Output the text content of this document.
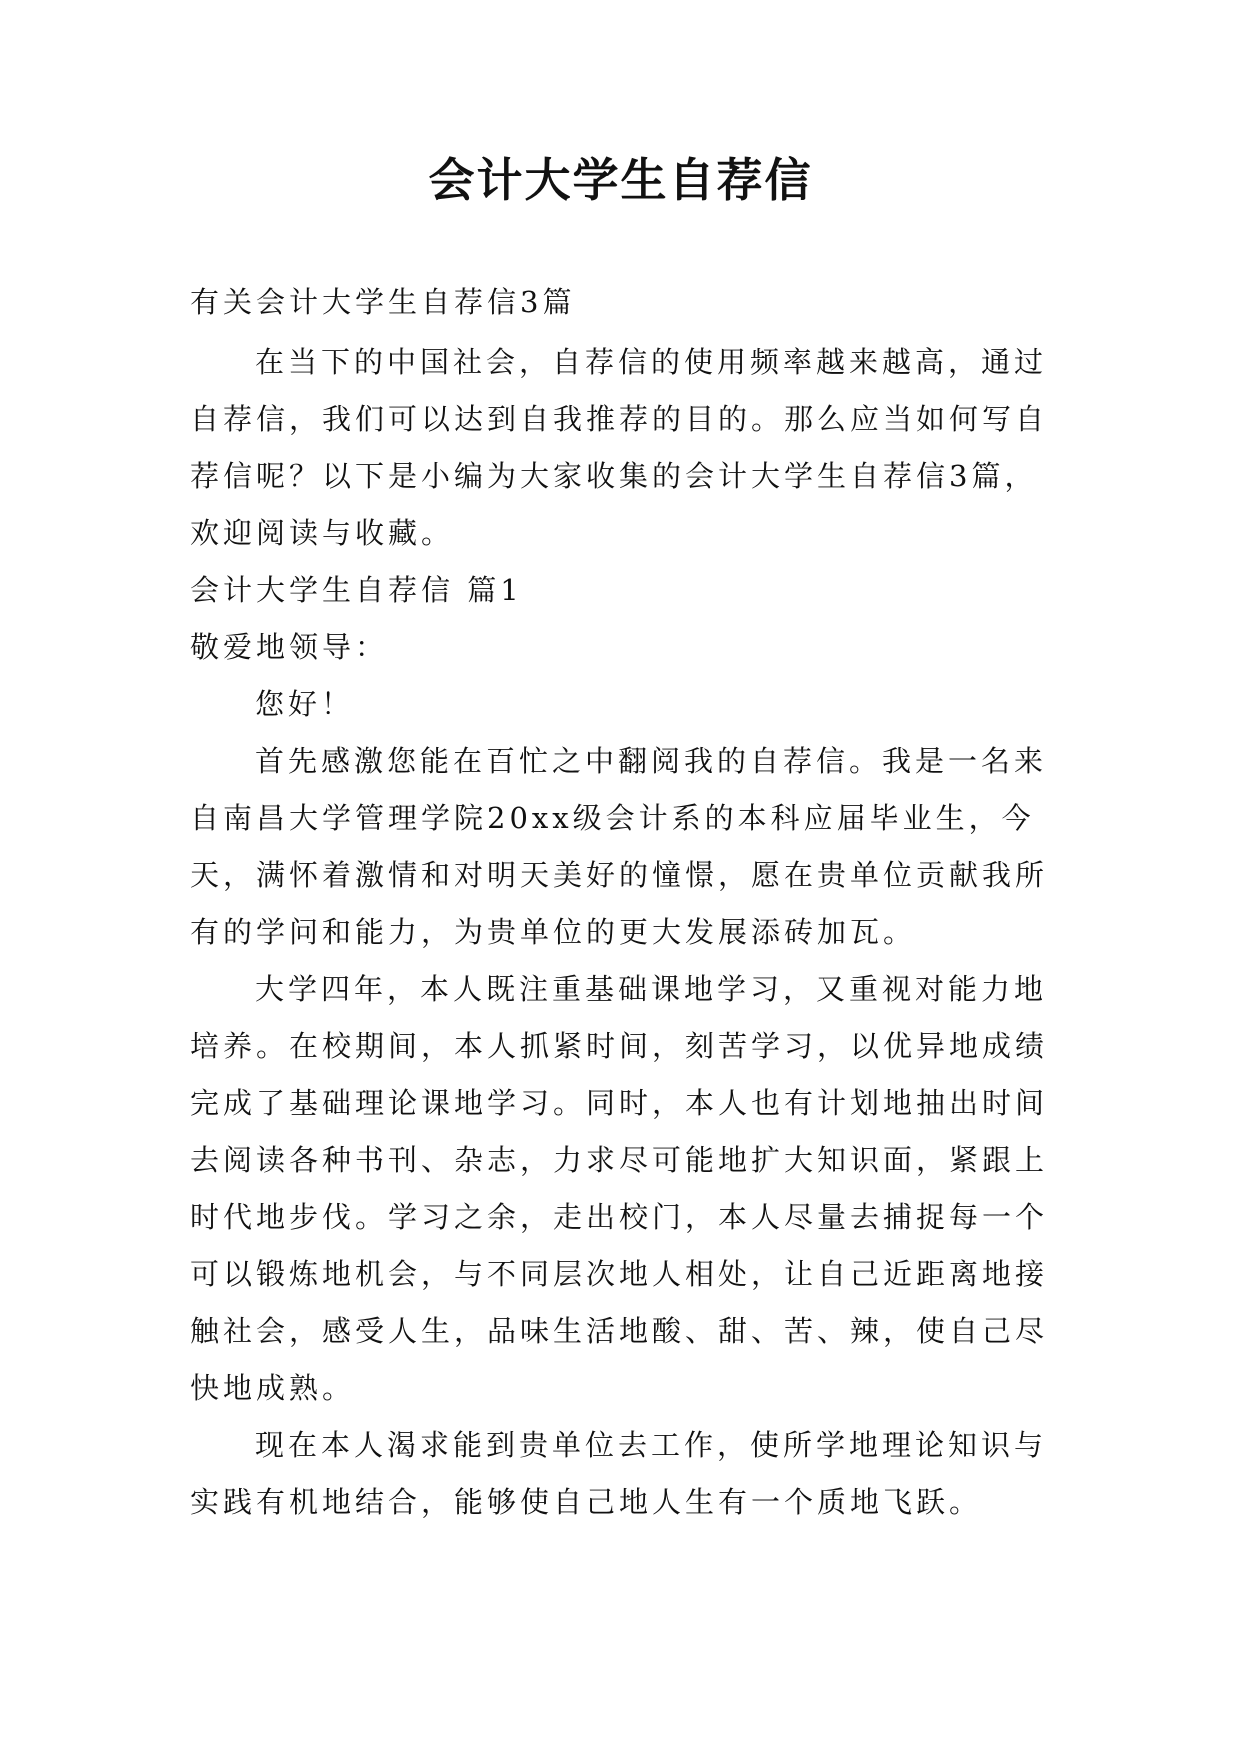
会计大学生自荐信
有关会计大学生自荐信3篇
在当下的中国社会，自荐信的使用频率越来越高，通过
自荐信，我们可以达到自我推荐的目的。那么应当如何写自
荐信呢？以下是小编为大家收集的会计大学生自荐信3篇，
欢迎阅读与收藏。
会计大学生自荐信 篇1
敬爱地领导：
您好！
首先感激您能在百忙之中翻阅我的自荐信。我是一名来
自南昌大学管理学院20xx级会计系的本科应届毕业生，今
天，满怀着激情和对明天美好的憧憬，愿在贵单位贡献我所
有的学问和能力，为贵单位的更大发展添砖加瓦。
大学四年，本人既注重基础课地学习，又重视对能力地
培养。在校期间，本人抓紧时间，刻苦学习，以优异地成绩
完成了基础理论课地学习。同时，本人也有计划地抽出时间
去阅读各种书刊、杂志，力求尽可能地扩大知识面，紧跟上
时代地步伐。学习之余，走出校门，本人尽量去捕捉每一个
可以锻炼地机会，与不同层次地人相处，让自己近距离地接
触社会，感受人生，品味生活地酸、甜、苦、辣，使自己尽
快地成熟。
现在本人渴求能到贵单位去工作，使所学地理论知识与
实践有机地结合，能够使自己地人生有一个质地飞跃。
